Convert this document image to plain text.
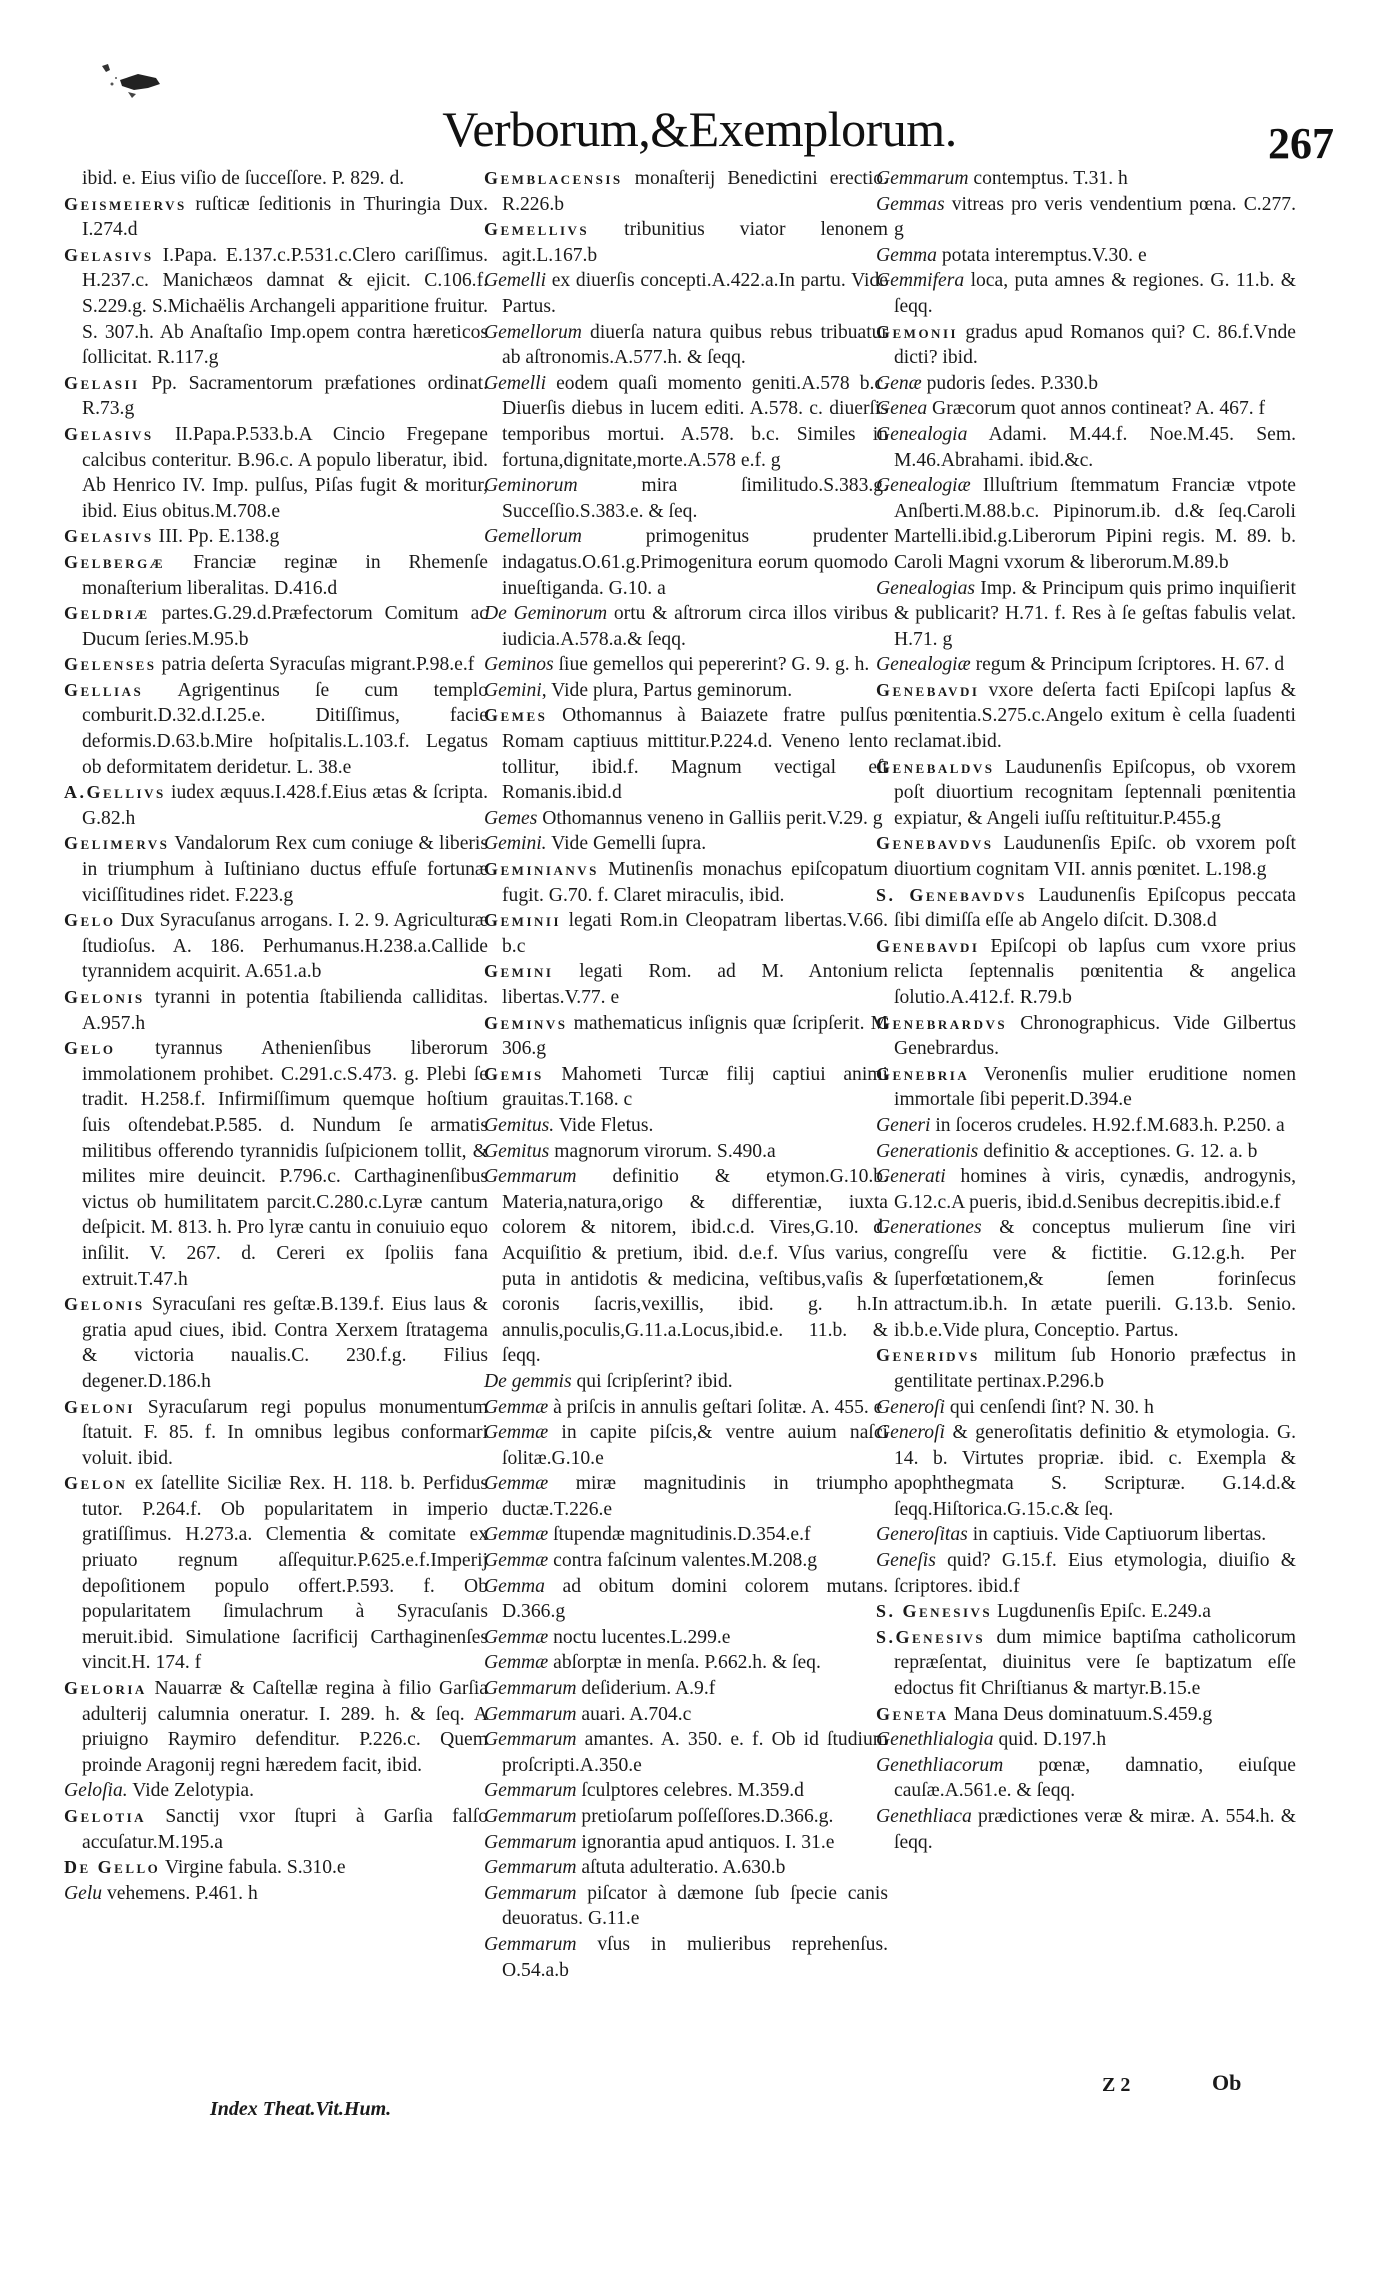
Verborum,&Exemplorum.	267

ibid. e. Eius viſio de ſucceſſore. P. 829. d.

Geismeiervs ruſticæ ſeditionis in Thuringia Dux. I.274.d

Gelasivs I.Papa. E.137.c.P.531.c.Clero cariſſimus. H.237.c. Manichæos damnat & ejicit. C.106.f. S.229.g. S.Michaëlis Archangeli apparitione fruitur. S. 307.h. Ab Anaſtaſio Imp.opem contra hæreticos ſollicitat. R.117.g

Gelasii Pp. Sacramentorum præfationes ordinat. R.73.g

Gelasivs II.Papa.P.533.b.A Cincio Fregepane calcibus conteritur. B.96.c. A populo liberatur, ibid. Ab Henrico IV. Imp. pulſus, Piſas fugit & moritur, ibid. Eius obitus.M.708.e

Gelasivs III. Pp. E.138.g

Gelbergæ Franciæ reginæ in Rhemenſe monaſterium liberalitas. D.416.d

Geldriæ partes.G.29.d.Præfectorum Comitum ac Ducum ſeries.M.95.b

Gelenses patria deſerta Syracuſas migrant.P.98.e.f

Gellias Agrigentinus ſe cum templo comburit.D.32.d.I.25.e. Ditiſſimus, facie deformis.D.63.b.Mire hoſpitalis.L.103.f. Legatus ob deformitatem deridetur. L. 38.e

A.Gellivs iudex æquus.I.428.f.Eius ætas & ſcripta. G.82.h

Gelimervs Vandalorum Rex cum coniuge & liberis in triumphum à Iuſtiniano ductus effuſe fortunæ viciſſitudines ridet. F.223.g

Gelo Dux Syracuſanus arrogans. I. 2. 9. Agriculturæ ſtudioſus. A. 186. Perhumanus.H.238.a.Callide tyrannidem acquirit. A.651.a.b

Gelonis tyranni in potentia ſtabilienda calliditas. A.957.h

Gelo tyrannus Athenienſibus liberorum immolationem prohibet. C.291.c.S.473. g. Plebi ſe tradit. H.258.f. Infirmiſſimum quemque hoſtium ſuis oſtendebat.P.585. d. Nundum ſe armatis militibus offerendo tyrannidis ſuſpicionem tollit, & milites mire deuincit. P.796.c. Carthaginenſibus victus ob humilitatem parcit.C.280.c.Lyræ cantum deſpicit. M. 813. h. Pro lyræ cantu in conuiuio equo inſilit. V. 267. d. Cereri ex ſpoliis fana extruit.T.47.h

Gelonis Syracuſani res geſtæ.B.139.f. Eius laus & gratia apud ciues, ibid. Contra Xerxem ſtratagema & victoria naualis.C. 230.f.g. Filius degener.D.186.h

Geloni Syracuſarum regi populus monumentum ſtatuit. F. 85. f. In omnibus legibus conformari voluit. ibid.

Gelon ex ſatellite Siciliæ Rex. H. 118. b. Perfidus tutor. P.264.f. Ob popularitatem in imperio gratiſſimus. H.273.a. Clementia & comitate ex priuato regnum aſſequitur.P.625.e.f.Imperij depoſitionem populo offert.P.593. f. Ob popularitatem ſimulachrum à Syracuſanis meruit.ibid. Simulatione ſacrificij Carthaginenſes vincit.H. 174. f

Geloria Nauarræ & Caſtellæ regina à filio Garſia adulterij calumnia oneratur. I. 289. h. & ſeq. A priuigno Raymiro defenditur. P.226.c. Quem proinde Aragonij regni hæredem facit, ibid.

Geloſia. Vide Zelotypia.

Gelotia Sanctij vxor ſtupri à Garſia falſo accuſatur.M.195.a

De Gello Virgine fabula. S.310.e

Gelu vehemens. P.461. h

Gemblacensis monaſterij Benedictini erectio. R.226.b

Gemellivs tribunitius viator lenonem agit.L.167.b

Gemelli ex diuerſis concepti.A.422.a.In partu. Vide Partus.

Gemellorum diuerſa natura quibus rebus tribuatur ab aſtronomis.A.577.h. & ſeqq.

Gemelli eodem quaſi momento geniti.A.578 b.c. Diuerſis diebus in lucem editi. A.578. c. diuerſis temporibus mortui. A.578. b.c. Similes in fortuna,dignitate,morte.A.578 e.f. g

Geminorum mira ſimilitudo.S.383.g. Succeſſio.S.383.e. & ſeq.

Gemellorum primogenitus prudenter indagatus.O.61.g.Primogenitura eorum quomodo inueſtiganda. G.10. a

De Geminorum ortu & aſtrorum circa illos viribus iudicia.A.578.a.& ſeqq.

Geminos ſiue gemellos qui pepererint? G. 9. g. h.

Gemini, Vide plura, Partus geminorum.

Gemes Othomannus à Baiazete fratre pulſus Romam captiuus mittitur.P.224.d. Veneno lento tollitur, ibid.f. Magnum vectigal eſt Romanis.ibid.d

Gemes Othomannus veneno in Galliis perit.V.29. g

Gemini. Vide Gemelli ſupra.

Geminianvs Mutinenſis monachus epiſcopatum fugit. G.70. f. Claret miraculis, ibid.

Geminii legati Rom.in Cleopatram libertas.V.66. b.c

Gemini legati Rom. ad M. Antonium libertas.V.77. e

Geminvs mathematicus inſignis quæ ſcripſerit. M 306.g

Gemis Mahometi Turcæ filij captiui animi grauitas.T.168. c

Gemitus. Vide Fletus.

Gemitus magnorum virorum. S.490.a

Gemmarum definitio & etymon.G.10.b. Materia,natura,origo & differentiæ, iuxta colorem & nitorem, ibid.c.d. Vires,G.10. d. Acquiſitio & pretium, ibid. d.e.f. Vſus varius, puta in antidotis & medicina, veſtibus,vaſis & coronis ſacris,vexillis, ibid. g. h.In annulis,poculis,G.11.a.Locus,ibid.e. 11.b. & ſeqq.

De gemmis qui ſcripſerint? ibid.

Gemmæ à priſcis in annulis geſtari ſolitæ. A. 455. e

Gemmæ in capite piſcis,& ventre auium naſci ſolitæ.G.10.e

Gemmæ miræ magnitudinis in triumpho ductæ.T.226.e

Gemmæ ſtupendæ magnitudinis.D.354.e.f

Gemmæ contra faſcinum valentes.M.208.g

Gemma ad obitum domini colorem mutans. D.366.g

Gemmæ noctu lucentes.L.299.e

Gemmæ abſorptæ in menſa. P.662.h. & ſeq.

Gemmarum deſiderium. A.9.f

Gemmarum auari. A.704.c

Gemmarum amantes. A. 350. e. f. Ob id ſtudium proſcripti.A.350.e

Gemmarum ſculptores celebres. M.359.d

Gemmarum pretioſarum poſſeſſores.D.366.g.

Gemmarum ignorantia apud antiquos. I. 31.e

Gemmarum aſtuta adulteratio. A.630.b

Gemmarum piſcator à dæmone ſub ſpecie canis deuoratus. G.11.e

Gemmarum vſus in mulieribus reprehenſus. O.54.a.b

Gemmarum contemptus. T.31. h

Gemmas vitreas pro veris vendentium pœna. C.277. g

Gemma potata interemptus.V.30. e

Gemmifera loca, puta amnes & regiones. G. 11.b. & ſeqq.

Gemonii gradus apud Romanos qui? C. 86.f.Vnde dicti? ibid.

Genæ pudoris ſedes. P.330.b

Genea Græcorum quot annos contineat? A. 467. f

Genealogia Adami. M.44.f. Noe.M.45. Sem. M.46.Abrahami. ibid.&c.

Genealogiæ Illuſtrium ſtemmatum Franciæ vtpote Anſberti.M.88.b.c. Pipinorum.ib. d.& ſeq.Caroli Martelli.ibid.g.Liberorum Pipini regis. M. 89. b. Caroli Magni vxorum & liberorum.M.89.b

Genealogias Imp. & Principum quis primo inquiſierit & publicarit? H.71. f. Res à ſe geſtas fabulis velat. H.71. g

Genealogiæ regum & Principum ſcriptores. H. 67. d

Genebavdi vxore deſerta facti Epiſcopi lapſus & pœnitentia.S.275.c.Angelo exitum è cella ſuadenti reclamat.ibid.

Genebaldvs Laudunenſis Epiſcopus, ob vxorem poſt diuortium recognitam ſeptennali pœnitentia expiatur, & Angeli iuſſu reſtituitur.P.455.g

Genebavdvs Laudunenſis Epiſc. ob vxorem poſt diuortium cognitam VII. annis pœnitet. L.198.g

S. Genebavdvs Laudunenſis Epiſcopus peccata ſibi dimiſſa eſſe ab Angelo diſcit. D.308.d

Genebavdi Epiſcopi ob lapſus cum vxore prius relicta ſeptennalis pœnitentia & angelica ſolutio.A.412.f. R.79.b

Genebrardvs Chronographicus. Vide Gilbertus Genebrardus.

Genebria Veronenſis mulier eruditione nomen immortale ſibi peperit.D.394.e

Generi in ſoceros crudeles. H.92.f.M.683.h. P.250. a

Generationis definitio & acceptiones. G. 12. a. b

Generati homines à viris, cynædis, androgynis, G.12.c.A pueris, ibid.d.Senibus decrepitis.ibid.e.f

Generationes & conceptus mulierum ſine viri congreſſu vere & fictitie. G.12.g.h. Per ſuperfœtationem,& ſemen forinſecus attractum.ib.h. In ætate puerili. G.13.b. Senio. ib.b.e.Vide plura, Conceptio. Partus.

Generidvs militum ſub Honorio præfectus in gentilitate pertinax.P.296.b

Generoſi qui cenſendi ſint? N. 30. h

Generoſi & generoſitatis definitio & etymologia. G. 14. b. Virtutes propriæ. ibid. c. Exempla & apophthegmata S. Scripturæ. G.14.d.& ſeqq.Hiſtorica.G.15.c.& ſeq.

Generoſitas in captiuis. Vide Captiuorum libertas.

Geneſis quid? G.15.f. Eius etymologia, diuiſio & ſcriptores. ibid.f

S. Genesivs Lugdunenſis Epiſc. E.249.a

S.Genesivs dum mimice baptiſma catholicorum repræſentat, diuinitus vere ſe baptizatum eſſe edoctus fit Chriſtianus & martyr.B.15.e

Geneta Mana Deus dominatuum.S.459.g

Genethlialogia quid. D.197.h

Genethliacorum pœnæ, damnatio, eiuſque cauſæ.A.561.e. & ſeqq.

Genethliaca prædictiones veræ & miræ. A. 554.h. & ſeqq.

Index Theat.Vit.Hum.
Z 2	Ob
